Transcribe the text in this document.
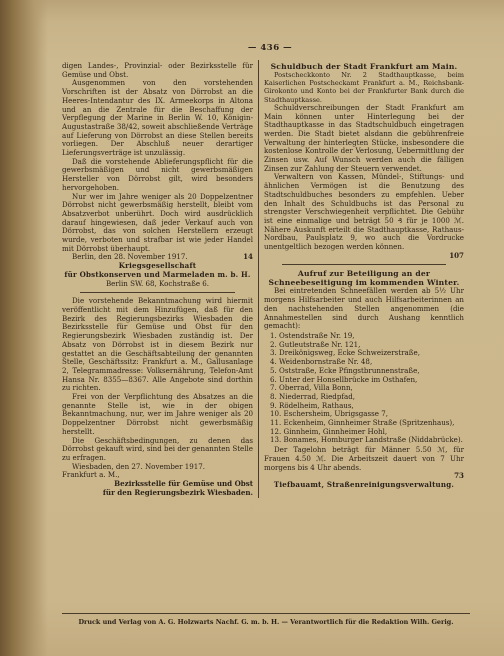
— 436 —

digen Landes-, Provinzial- oder Bezirksstelle für Gemüse und Obst.

Ausgenommen von den vorstehenden Vorschriften ist der Absatz von Dörrobst an die Heeres-Intendantur des IX. Armeekorps in Altona und an die Zentrale für die Beschaffung der Verpflegung der Marine in Berlin W. 10, Königin-Augustastraße 38/42, soweit abschließende Verträge auf Lieferung von Dörrobst an diese Stellen bereits vorliegen. Der Abschluß neuer derartiger Lieferungsverträge ist unzulässig.

Daß die vorstehende Ablieferungspflicht für die gewerbsmäßigen und nicht gewerbsmäßigen Hersteller von Dörrobst gilt, wird besonders hervorgehoben.

Nur wer im Jahre weniger als 20 Doppelzentner Dörrobst nicht gewerbsmäßig herstellt, bleibt vom Absatzverbot unberührt. Doch wird ausdrücklich darauf hingewiesen, daß jeder Verkauf auch von Dörrobst, das von solchen Herstellern erzeugt wurde, verboten und strafbar ist wie jeder Handel mit Dörrobst überhaupt.

Berlin, den 28. November 1917.	14

Kriegsgesellschaft

für Obstkonserven und Marmeladen m. b. H.

Berlin SW. 68, Kochstraße 6.

Die vorstehende Bekanntmachung wird hiermit veröffentlicht mit dem Hinzufügen, daß für den Bezirk des Regierungsbezirks Wiesbaden die Bezirksstelle für Gemüse und Obst für den Regierungsbezirk Wiesbaden zuständig ist. Der Absatz von Dörrobst ist in diesem Bezirk nur gestattet an die Geschäftsabteilung der genannten Stelle, Geschäftssitz: Frankfurt a. M., Gallusanlage 2, Telegrammadresse: Volksernährung, Telefon-Amt Hansa Nr. 8355—8367. Alle Angebote sind dorthin zu richten.

Frei von der Verpflichtung des Absatzes an die genannte Stelle ist, wie in der obigen Bekanntmachung, nur, wer im Jahre weniger als 20 Doppelzentner Dörrobst nicht gewerbsmäßig herstellt.

Die Geschäftsbedingungen, zu denen das Dörrobst gekauft wird, sind bei der genannten Stelle zu erfragen.

Wiesbaden, den 27. November 1917.

Frankfurt a. M.,

Bezirksstelle für Gemüse und Obst

für den Regierungsbezirk Wiesbaden.

Schuldbuch der Stadt Frankfurt am Main.

Postscheckkonto Nr. 2 Stadthauptkasse, beim Kaiserlichen Postscheckamt Frankfurt a. M., Reichsbank-Girokonto und Konto bei der Frankfurter Bank durch die Stadthauptkasse.

Schuldverschreibungen der Stadt Frankfurt am Main können unter Hinterlegung bei der Stadthauptkasse in das Stadtschuldbuch eingetragen werden. Die Stadt bietet alsdann die gebührenfreie Verwaltung der hinterlegten Stücke, insbesondere die kostenlose Kontrolle der Verlosung, Uebermittlung der Zinsen usw. Auf Wunsch werden auch die fälligen Zinsen zur Zahlung der Steuern verwendet.

Verwaltern von Kassen, Mündel-, Stiftungs- und ähnlichen Vermögen ist die Benutzung des Stadtschuldbuches besonders zu empfehlen. Ueber den Inhalt des Schuldbuchs ist das Personal zu strengster Verschwiegenheit verpflichtet. Die Gebühr ist eine einmalige und beträgt 50 ₰ für je 1000 ℳ. Nähere Auskunft erteilt die Stadthauptkasse, Rathaus-Nordbau, Paulsplatz 9, wo auch die Vordrucke unentgeltlich bezogen werden können.

107

Aufruf zur Beteiligung an der Schneebeseitigung im kommenden Winter.

Bei eintretenden Schneefällen werden ab 5½ Uhr morgens Hilfsarbeiter und auch Hilfsarbeiterinnen an den nachstehenden Stellen angenommen (die Annahmestellen sind durch Aushang kenntlich gemacht):

1. Ostendstraße Nr. 19,
2. Gutleutstraße Nr. 121,
3. Dreikönigsweg, Ecke Schweizerstraße,
4. Weidenbornstraße Nr. 48,
5. Oststraße, Ecke Pfingstbrunnenstraße,
6. Unter der Honsellbrücke im Osthafen,
7. Oberrad, Villa Bonn,
8. Niederrad, Riedpfad,
9. Rödelheim, Rathaus,
10. Eschersheim, Ubrigsgasse 7,
11. Eckenheim, Ginnheimer Straße (Spritzenhaus),
12. Ginnheim, Ginnheimer Hohl,
13. Bonames, Homburger Landstraße (Niddabrücke).

Der Tagelohn beträgt für Männer 5.50 ℳ, für Frauen 4.50 ℳ. Die Arbeitszeit dauert von 7 Uhr morgens bis 4 Uhr abends.

73

Tiefbauamt, Straßenreinigungsverwaltung.

Druck und Verlag von A. G. Holzwarts Nachf. G. m. b. H. — Verantwortlich für die Redaktion Wilh. Gerig.
